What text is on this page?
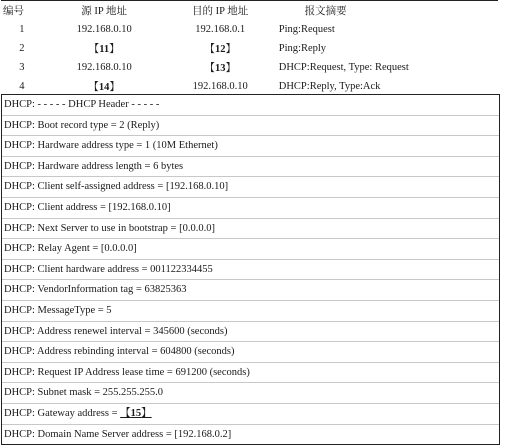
编号	源 IP 地址	目的 IP 地址	报文摘要
1	192.168.0.10	192.168.0.1	Ping:Request
2	【 11 】	【 12 】	Ping:Reply
3	192.168.0.10	【 13 】	DHCP:Request, Type: Request
4	【 14 】	192.168.0.10	DHCP:Reply, Type:Ack
DHCP: - - - - - DHCP Header - - - - -
DHCP: Boot record type = 2 (Reply)
DHCP: Hardware address type = 1 (10M Ethernet)
DHCP: Hardware address length = 6 bytes
DHCP: Client self-assigned address = [192.168.0.10]
DHCP: Client address = [192.168.0.10]
DHCP: Next Server to use in bootstrap = [0.0.0.0]
DHCP: Relay Agent = [0.0.0.0]
DHCP: Client hardware address = 001122334455
DHCP: VendorInformation tag = 63825363
DHCP: MessageType = 5
DHCP: Address renewel interval = 345600 (seconds)
DHCP: Address rebinding interval = 604800 (seconds)
DHCP: Request IP Address lease time = 691200 (seconds)
DHCP: Subnet mask = 255.255.255.0
DHCP: Gateway address = 【 15 】
DHCP: Domain Name Server address = [192.168.0.2]
